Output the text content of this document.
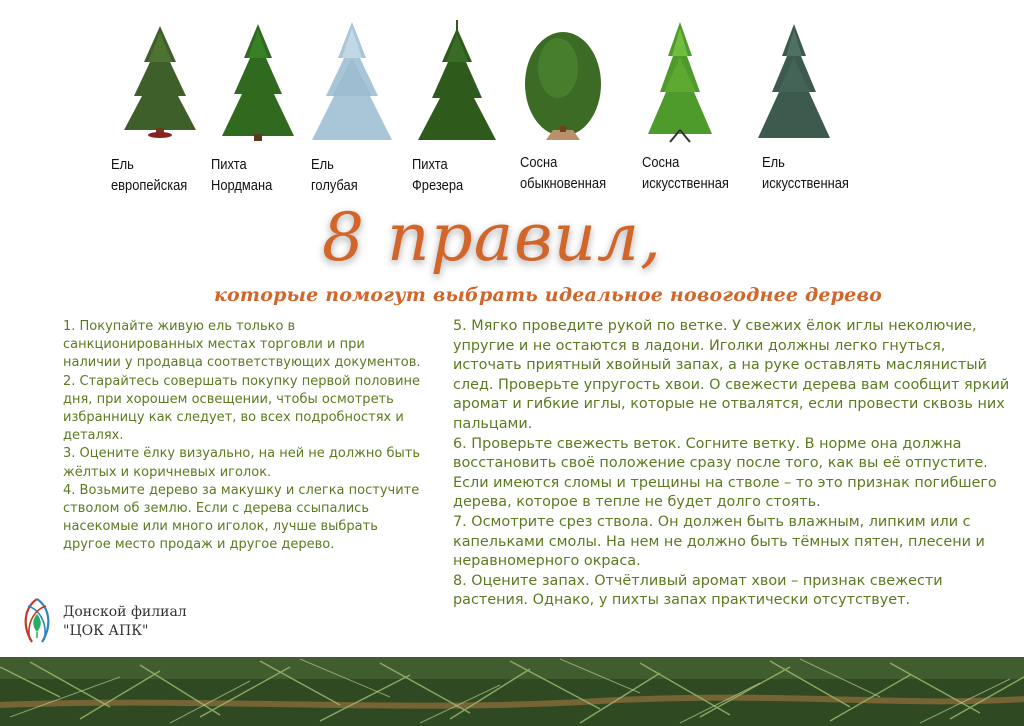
Ель
европейская
Пихта
Нордмана
Ель
голубая
Пихта
Фрезера
Сосна
обыкновенная
Сосна
искусственная
Ель
искусственная
8 правил,
которые помогут выбрать идеальное новогоднее дерево

1. Покупайте живую ель только в санкционированных местах торговли и при наличии у продавца соответствующих документов.

2. Старайтесь совершать покупку первой половине дня, при хорошем освещении, чтобы осмотреть избранницу как следует, во всех подробностях и деталях.

3. Оцените ёлку визуально, на ней не должно быть жёлтых и коричневых иголок.

4. Возьмите дерево за макушку и слегка постучите стволом об землю. Если с дерева ссыпались насекомые или много иголок, лучше выбрать другое место продаж и другое дерево.

5. Мягко проведите рукой по ветке. У свежих ёлок иглы неколючие, упругие и не остаются в ладони. Иголки должны легко гнуться, источать приятный хвойный запах, а на руке оставлять маслянистый след. Проверьте упругость хвои. О свежести дерева вам сообщит яркий аромат и гибкие иглы, которые не отвалятся, если провести сквозь них пальцами.

6. Проверьте свежесть веток. Согните ветку. В норме она должна восстановить своё положение сразу после того, как вы её отпустите. Если имеются сломы и трещины на стволе – то это признак погибшего дерева, которое в тепле не будет долго стоять.

7. Осмотрите срез ствола. Он должен быть влажным, липким или с капельками смолы. На нем не должно быть тёмных пятен, плесени и неравномерного окраса.

8. Оцените запах. Отчётливый аромат хвои – признак свежести растения. Однако, у пихты запах практически отсутствует.

Донской филиал
"ЦОК АПК"
